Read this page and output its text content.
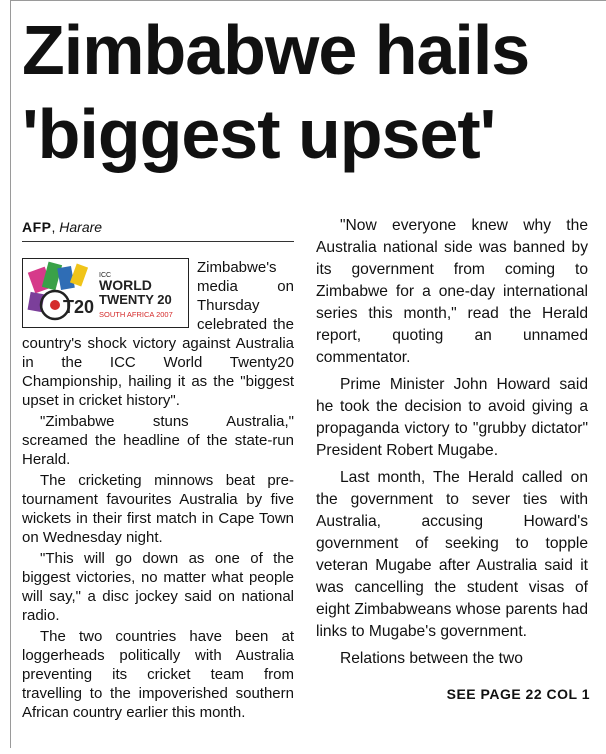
Zimbabwe hails
'biggest upset'
AFP, Harare
T20
ICC
WORLD
TWENTY 20
SOUTH AFRICA 2007

Zimbabwe's media on Thursday celebrated the country's shock victory against Australia in the ICC World Twenty20 Championship, hailing it as the "biggest upset in cricket history".

"Zimbabwe stuns Australia," screamed the headline of the state-run Herald.

The cricketing minnows beat pre-tournament favourites Australia by five wickets in their first match in Cape Town on Wednesday night.

"This will go down as one of the biggest victories, no matter what people will say," a disc jockey said on national radio.

The two countries have been at loggerheads politically with Australia preventing its cricket team from travelling to the impoverished southern African country earlier this month.

"Now everyone knew why the Australia national side was banned by its government from coming to Zimbabwe for a one-day international series this month," read the Herald report, quoting an unnamed commentator.

Prime Minister John Howard said he took the decision to avoid giving a propaganda victory to "grubby dictator" President Robert Mugabe.

Last month, The Herald called on the government to sever ties with Australia, accusing Howard's government of seeking to topple veteran Mugabe after Australia said it was cancelling the student visas of eight Zimbabweans whose parents had links to Mugabe's government.

Relations between the two

SEE PAGE 22 COL 1
